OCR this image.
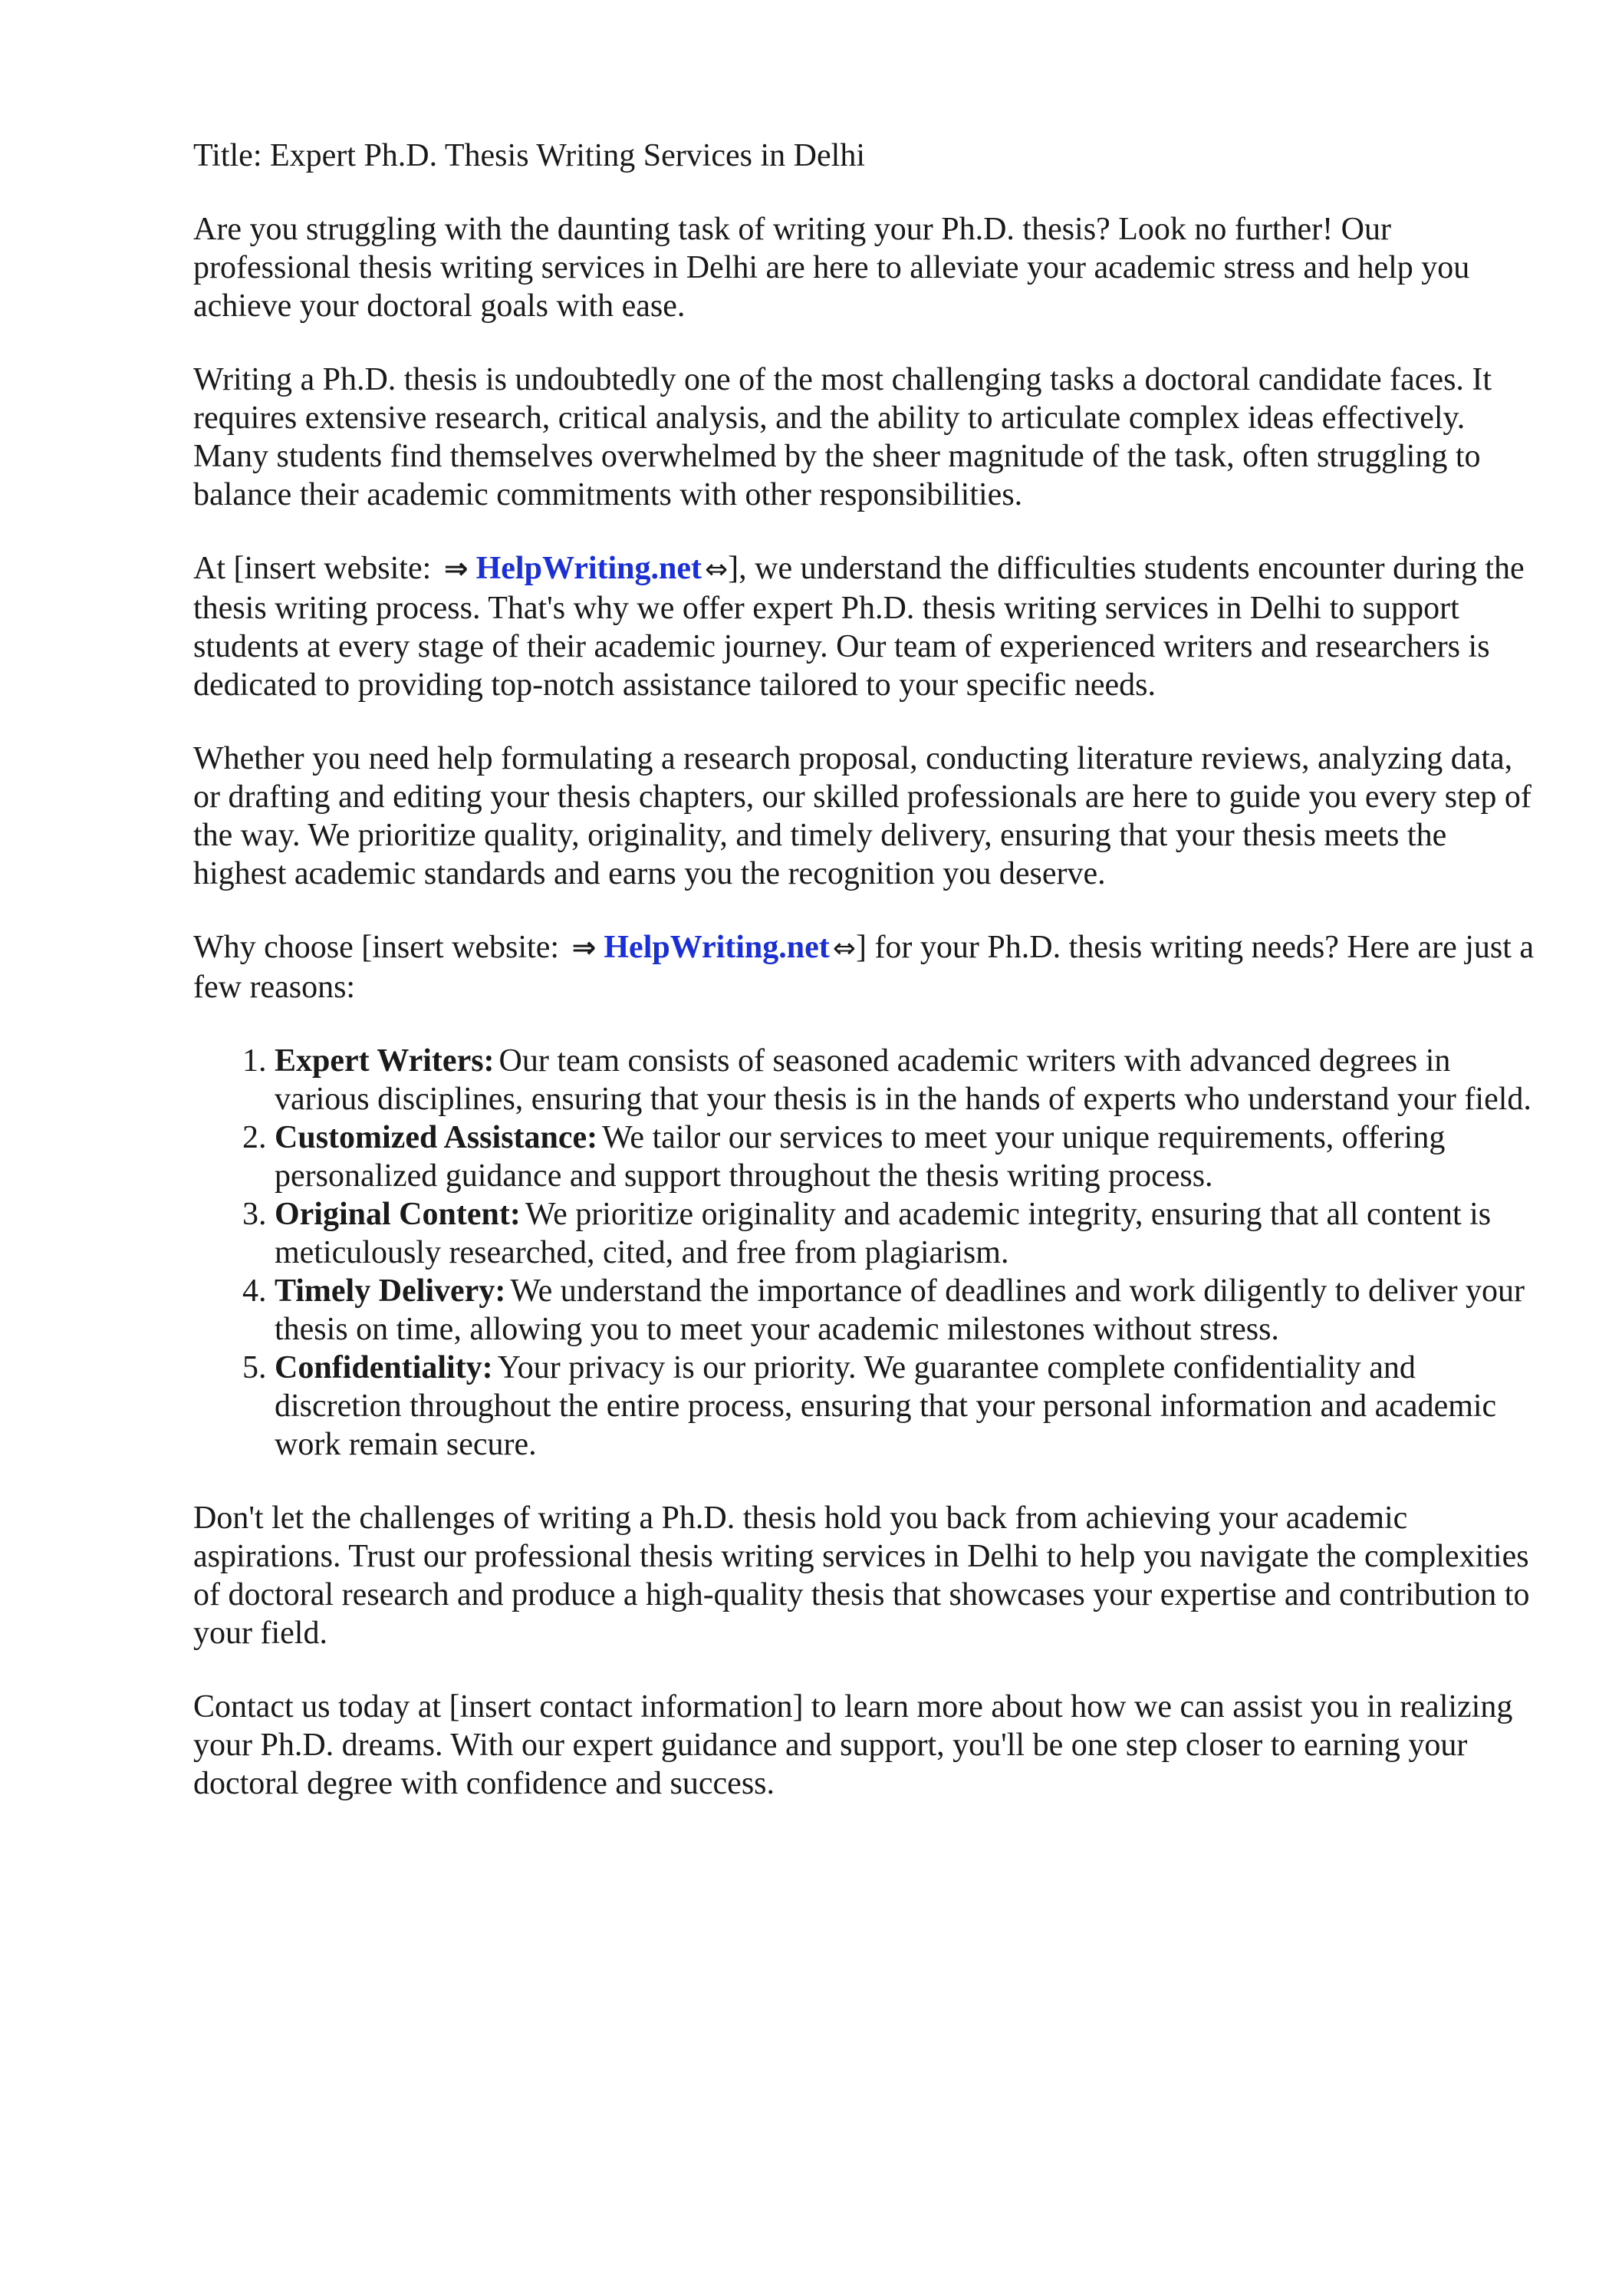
Title: Expert Ph.D. Thesis Writing Services in Delhi

Are you struggling with the daunting task of writing your Ph.D. thesis? Look no further! Our professional thesis writing services in Delhi are here to alleviate your academic stress and help you achieve your doctoral goals with ease.

Writing a Ph.D. thesis is undoubtedly one of the most challenging tasks a doctoral candidate faces. It requires extensive research, critical analysis, and the ability to articulate complex ideas effectively. Many students find themselves overwhelmed by the sheer magnitude of the task, often struggling to balance their academic commitments with other responsibilities.

At [insert website: ⇒ HelpWriting.net ⇔], we understand the difficulties students encounter during the thesis writing process. That's why we offer expert Ph.D. thesis writing services in Delhi to support students at every stage of their academic journey. Our team of experienced writers and researchers is dedicated to providing top-notch assistance tailored to your specific needs.

Whether you need help formulating a research proposal, conducting literature reviews, analyzing data, or drafting and editing your thesis chapters, our skilled professionals are here to guide you every step of the way. We prioritize quality, originality, and timely delivery, ensuring that your thesis meets the highest academic standards and earns you the recognition you deserve.

Why choose [insert website: ⇒ HelpWriting.net ⇔] for your Ph.D. thesis writing needs? Here are just a few reasons:

1. Expert Writers: Our team consists of seasoned academic writers with advanced degrees in various disciplines, ensuring that your thesis is in the hands of experts who understand your field.
2. Customized Assistance: We tailor our services to meet your unique requirements, offering personalized guidance and support throughout the thesis writing process.
3. Original Content: We prioritize originality and academic integrity, ensuring that all content is meticulously researched, cited, and free from plagiarism.
4. Timely Delivery: We understand the importance of deadlines and work diligently to deliver your thesis on time, allowing you to meet your academic milestones without stress.
5. Confidentiality: Your privacy is our priority. We guarantee complete confidentiality and discretion throughout the entire process, ensuring that your personal information and academic work remain secure.

Don't let the challenges of writing a Ph.D. thesis hold you back from achieving your academic aspirations. Trust our professional thesis writing services in Delhi to help you navigate the complexities of doctoral research and produce a high-quality thesis that showcases your expertise and contribution to your field.

Contact us today at [insert contact information] to learn more about how we can assist you in realizing your Ph.D. dreams. With our expert guidance and support, you'll be one step closer to earning your doctoral degree with confidence and success.
